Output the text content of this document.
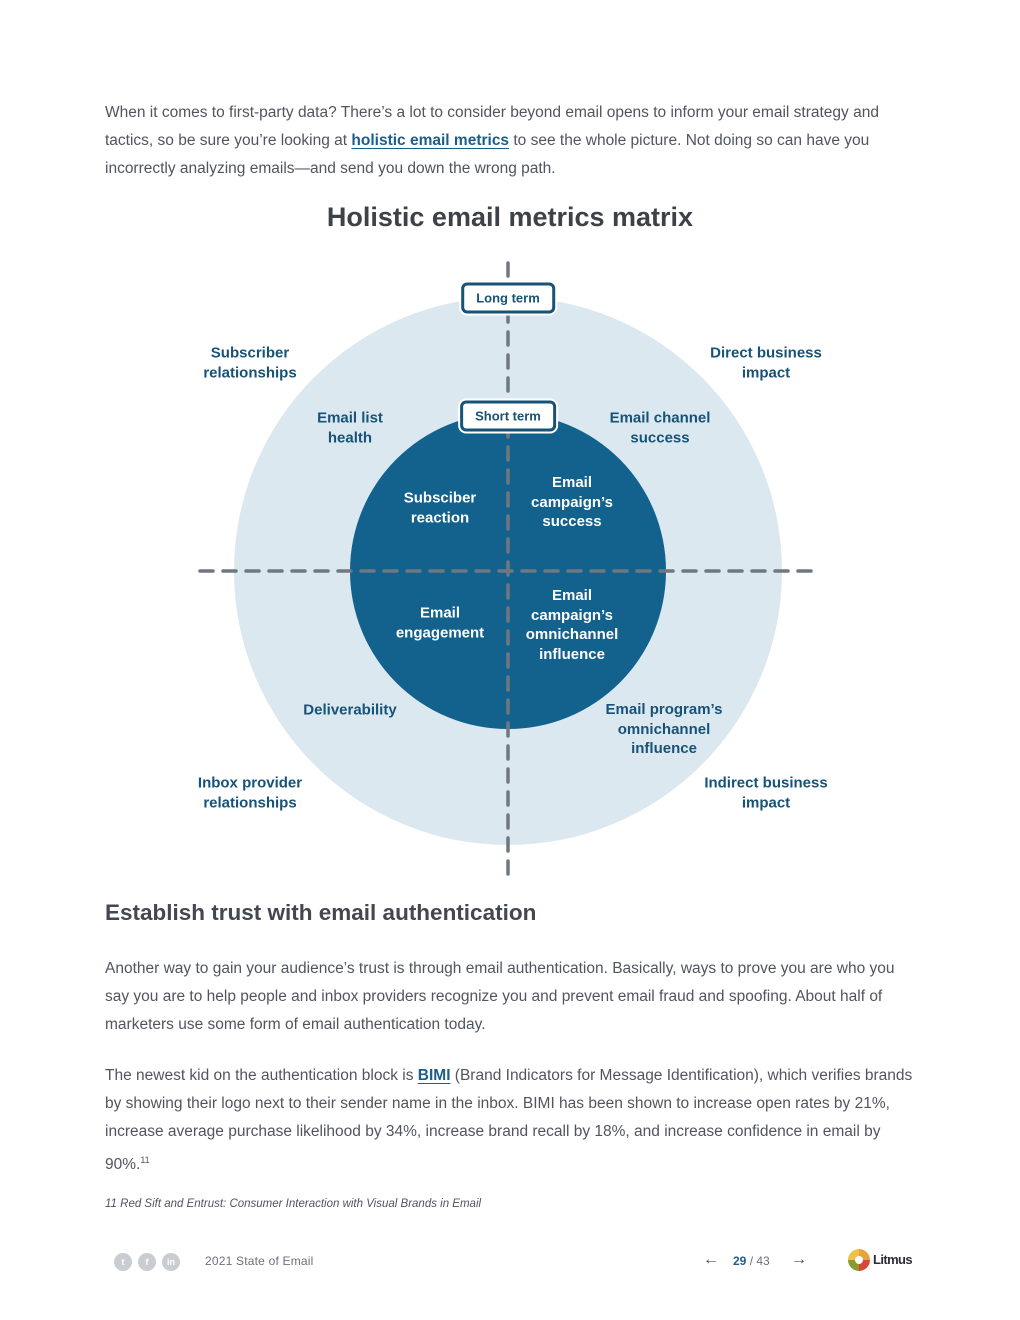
When it comes to first-party data? There’s a lot to consider beyond email opens to inform your email strategy and tactics, so be sure you’re looking at holistic email metrics to see the whole picture. Not doing so can have you incorrectly analyzing emails—and send you down the wrong path.

Holistic email metrics matrix
Long term
Short term
Subscriber
relationships
Direct business
impact
Inbox provider
relationships
Indirect business
impact
Email list
health
Email channel
success
Deliverability	Email program’s
omnichannel
influence
Subsciber
reaction
Email
campaign’s
success
Email
engagement
Email
campaign’s
omnichannel
influence
Establish trust with email authentication

Another way to gain your audience’s trust is through email authentication. Basically, ways to prove you are who you say you are to help people and inbox providers recognize you and prevent email fraud and spoofing. About half of marketers use some form of email authentication today.

The newest kid on the authentication block is BIMI (Brand Indicators for Message Identification), which verifies brands by showing their logo next to their sender name in the inbox. BIMI has been shown to increase open rates by 21%, increase average purchase likelihood by 34%, increase brand recall by 18%, and increase confidence in email by 90%.$^{11}$

11 Red Sift and Entrust: Consumer Interaction with Visual Brands in Email

t	f	in	2021 State of Email	← 29 / 43 →	Litmus
